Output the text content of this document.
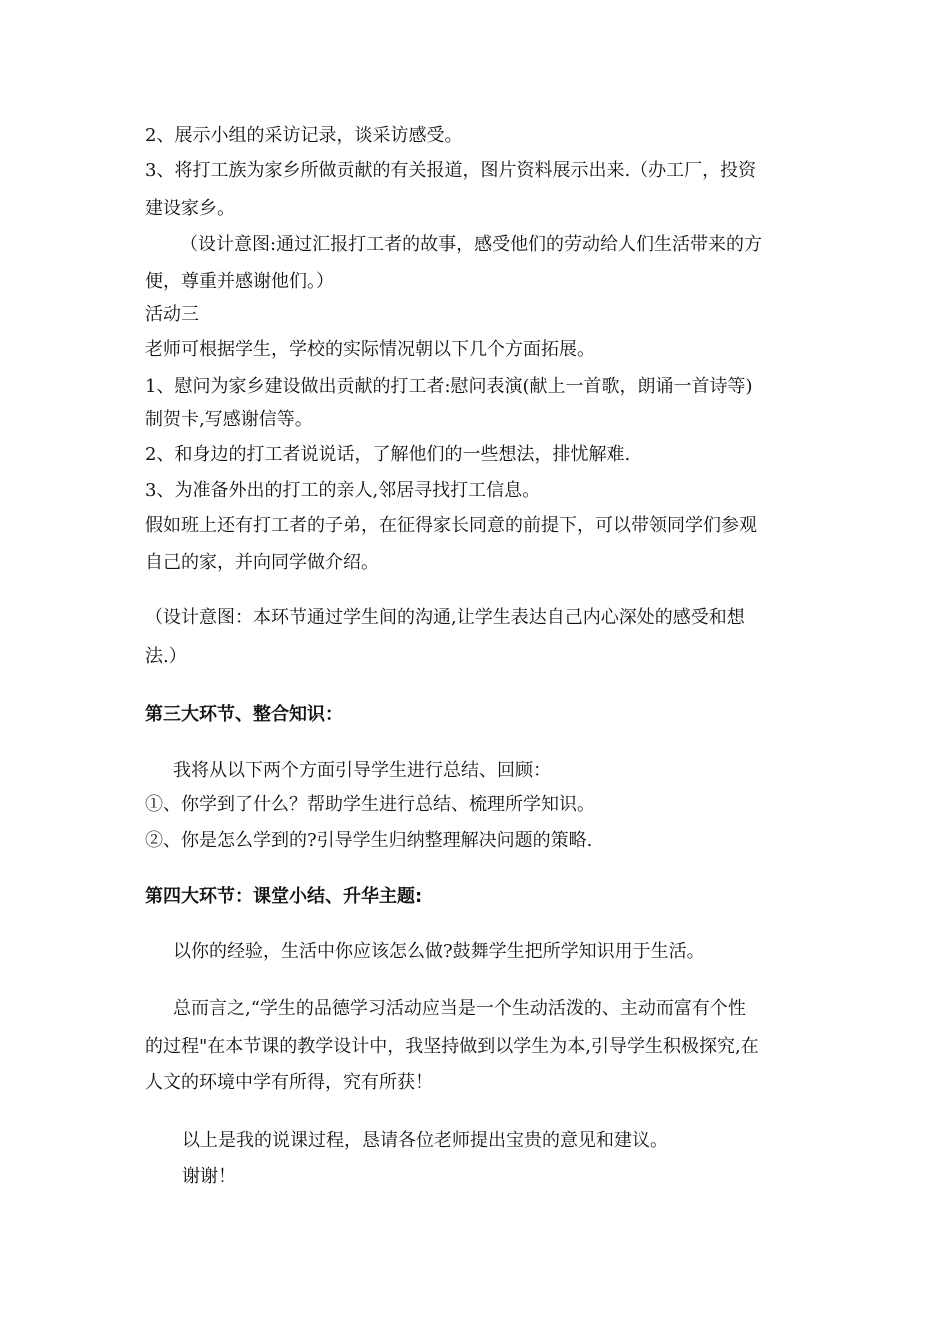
2、展示小组的采访记录，谈采访感受。
3、将打工族为家乡所做贡献的有关报道，图片资料展示出来.（办工厂，投资
建设家乡。
（设计意图:通过汇报打工者的故事，感受他们的劳动给人们生活带来的方
便，尊重并感谢他们。）
活动三
老师可根据学生，学校的实际情况朝以下几个方面拓展。
1、慰问为家乡建设做出贡献的打工者:慰问表演(献上一首歌，朗诵一首诗等)
制贺卡,写感谢信等。
2、和身边的打工者说说话，了解他们的一些想法，排忧解难.
3、为准备外出的打工的亲人,邻居寻找打工信息。
假如班上还有打工者的子弟，在征得家长同意的前提下，可以带领同学们参观
自己的家，并向同学做介绍。
（设计意图：本环节通过学生间的沟通,让学生表达自己内心深处的感受和想
法.）
第三大环节、整合知识：
我将从以下两个方面引导学生进行总结、回顾：
①、你学到了什么？帮助学生进行总结、梳理所学知识。
②、你是怎么学到的?引导学生归纳整理解决问题的策略.
第四大环节：课堂小结、升华主题:
以你的经验，生活中你应该怎么做?鼓舞学生把所学知识用于生活。
总而言之,“学生的品德学习活动应当是一个生动活泼的、主动而富有个性
的过程"在本节课的教学设计中，我坚持做到以学生为本,引导学生积极探究,在
人文的环境中学有所得，究有所获！
以上是我的说课过程，恳请各位老师提出宝贵的意见和建议。
谢谢！
